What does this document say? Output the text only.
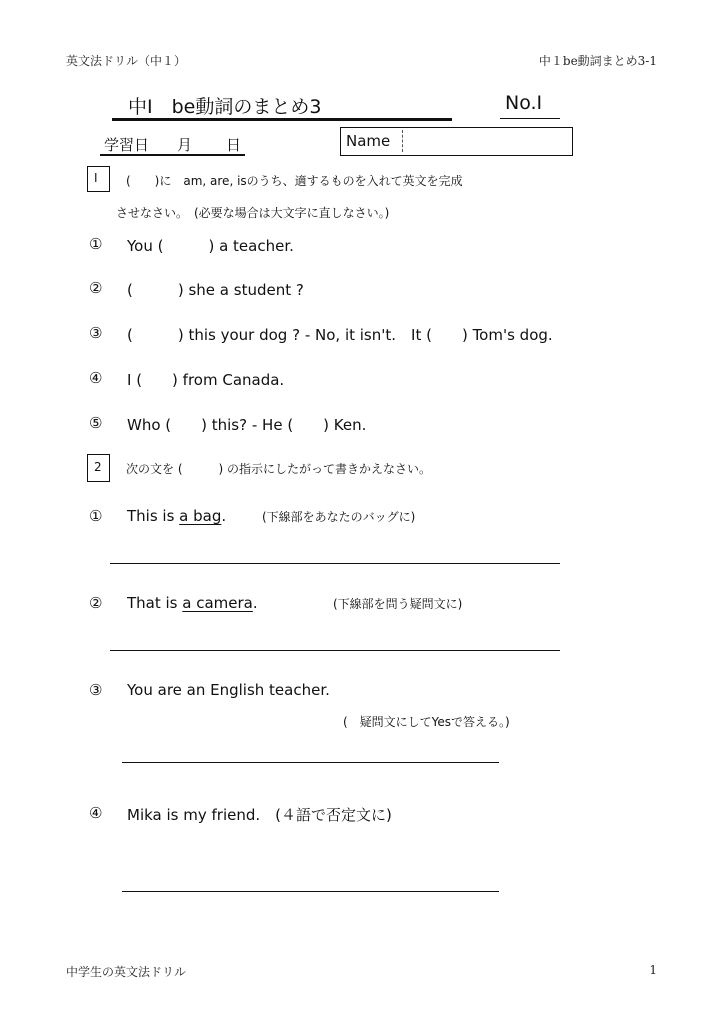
英文法ドリル（中１）	中１be動詞まとめ3-1
中Ⅰ　be動詞のまとめ3	No.Ⅰ
学習日 月 日	Name
Ⅰ (　　)に　am, are, isのうち、適するものを入れて英文を完成
させなさい。　(必要な場合は大文字に直しなさい。)
① You (　　　) a teacher.
② (　　　) she a student ?
③ (　　　) this your dog ? - No, it isn't.　It (　　) Tom's dog.
④ I (　　) from Canada.
⑤ Who (　　) this? - He (　　) Ken.
2 次の文を (　　　) の指示にしたがって書きかえなさい。
① This is a bag.	(下線部をあなたのバッグに)
② That is a camera.	(下線部を問う疑問文に)
③ You are an English teacher.
(　疑問文にしてYesで答える。)
④ Mika is my friend.　(４語で否定文に)
中学生の英文法ドリル	1
